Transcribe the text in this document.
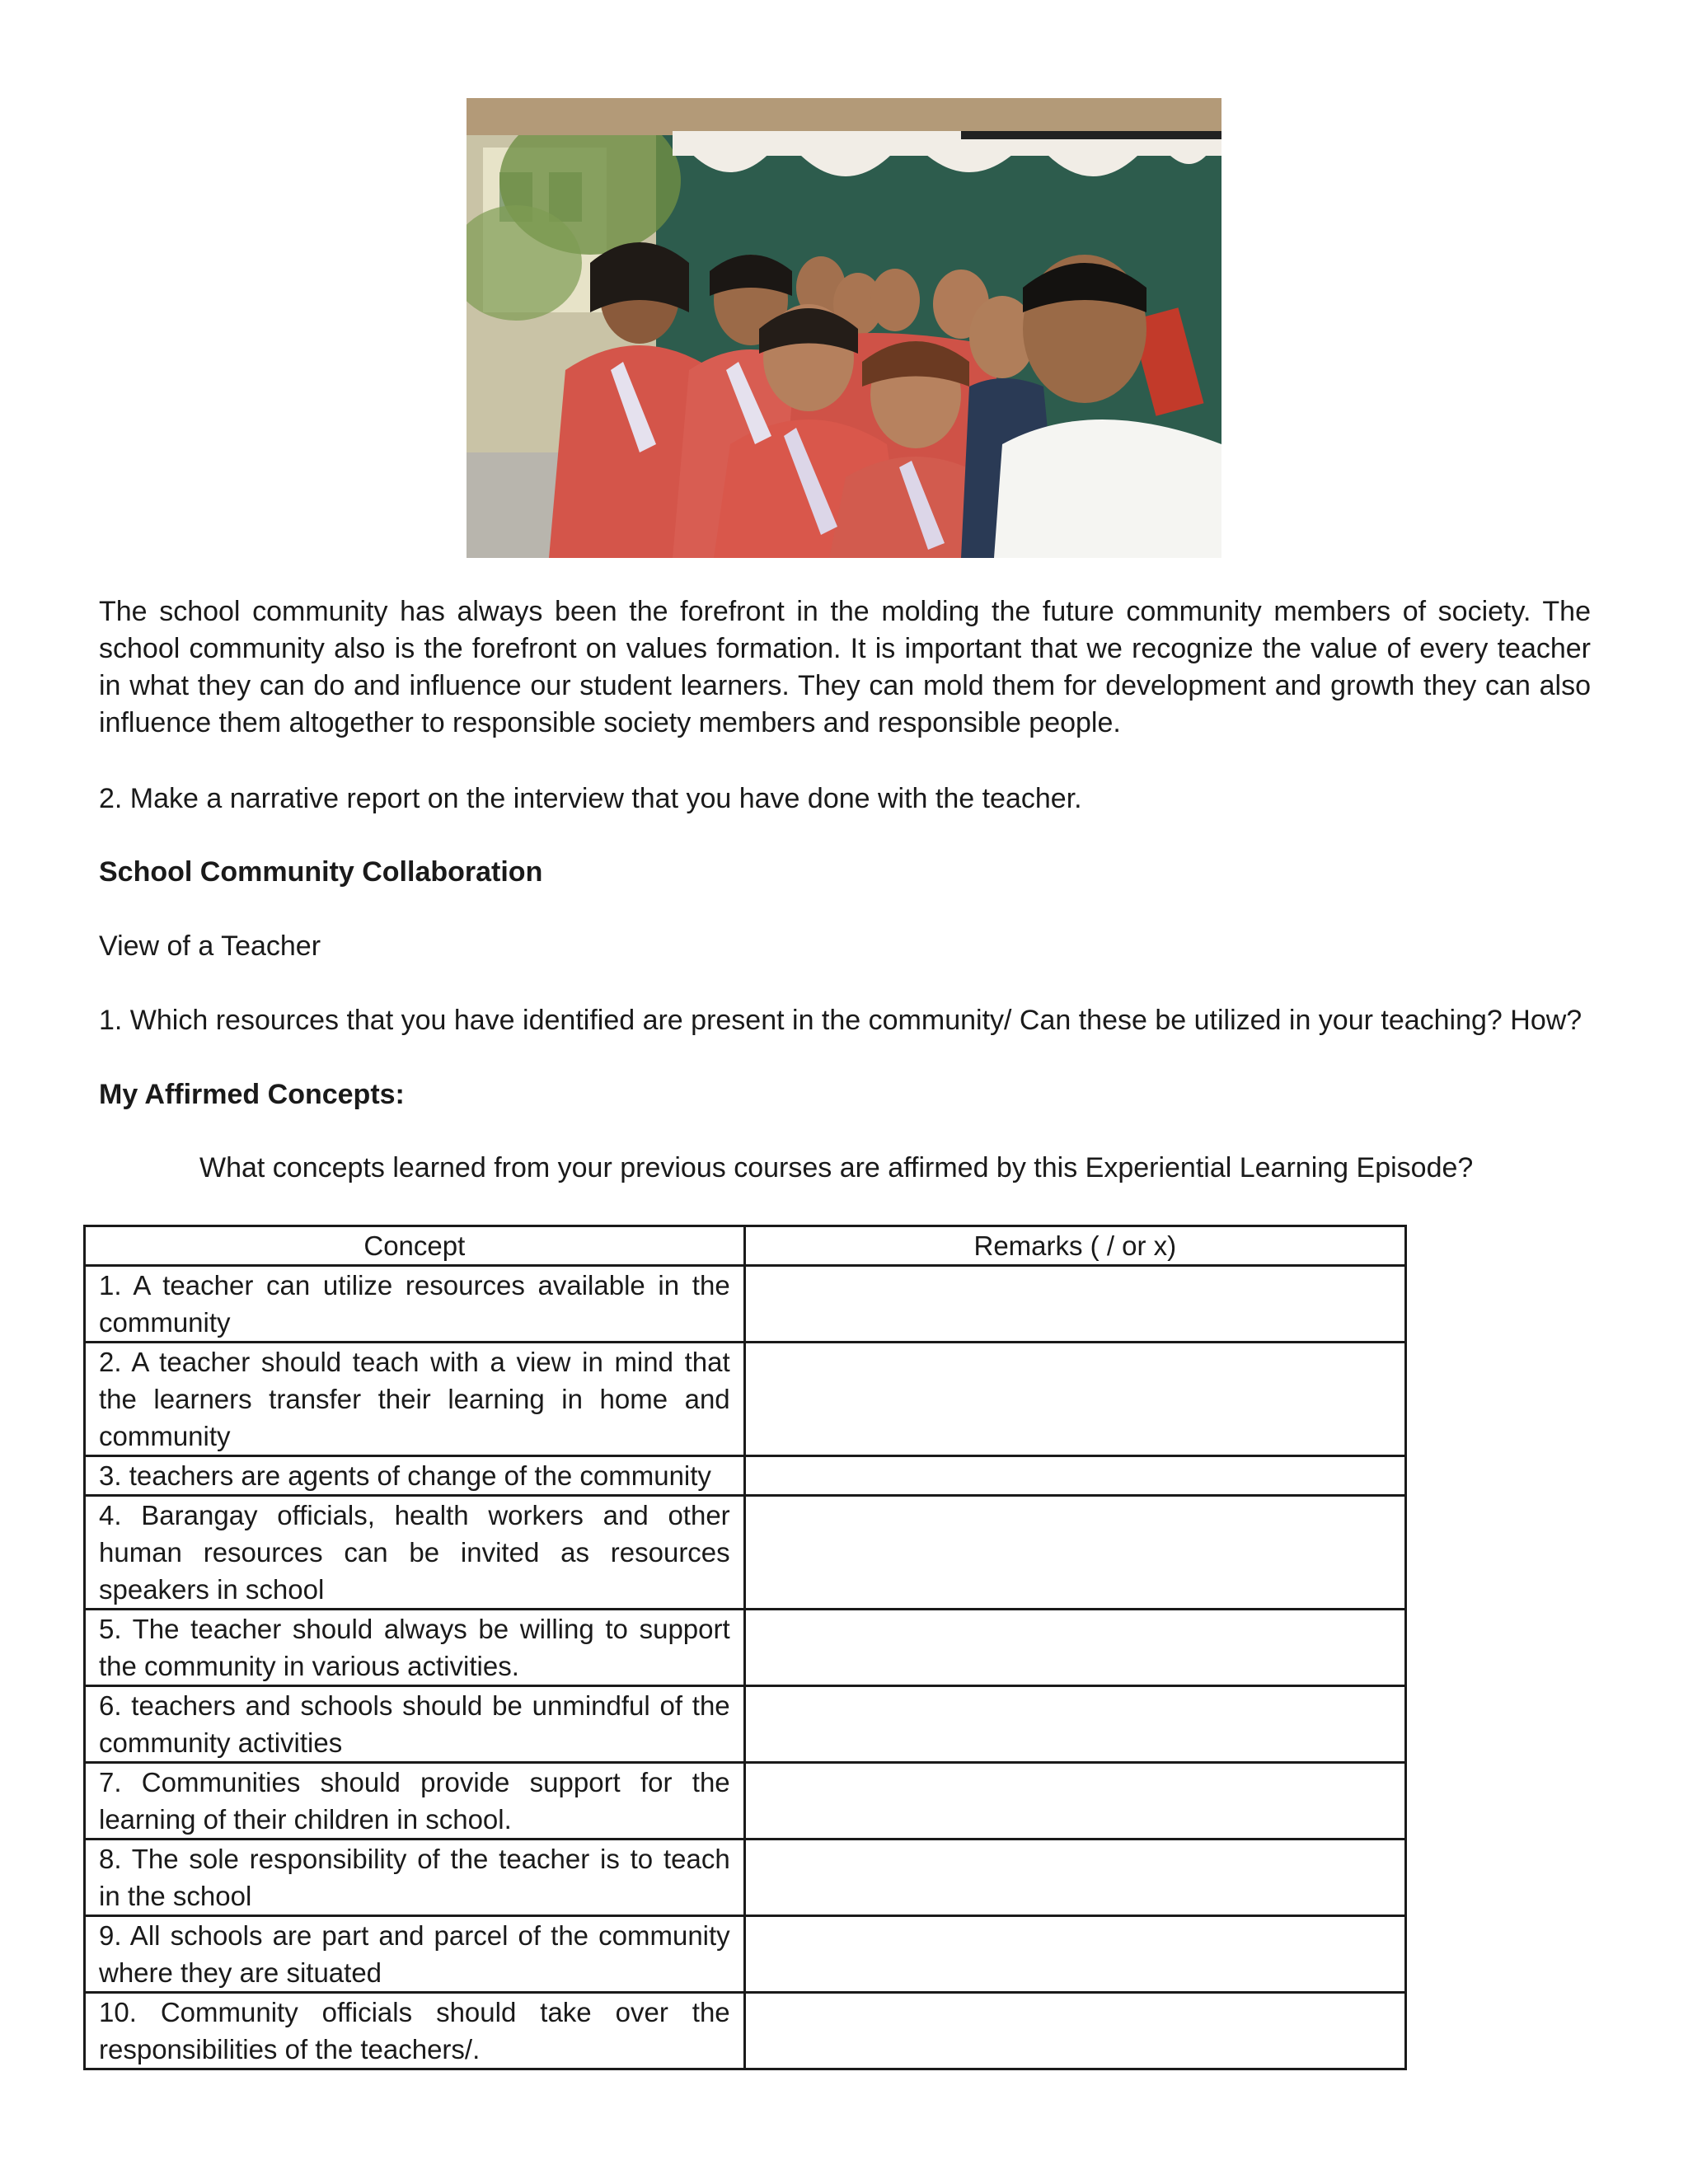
The school community has always been the forefront in the molding the future community members of society. The school community also is the forefront on values formation. It is important that we recognize the value of every teacher in what they can do and influence our student learners. They can mold them for development and growth they can also influence them altogether to responsible society members and responsible people.

2. Make a narrative report on the interview that you have done with the teacher.

School Community Collaboration

View of a Teacher

1. Which resources that you have identified are present in the community/ Can these be utilized in your teaching? How?

My Affirmed Concepts:

What concepts learned from your previous courses are affirmed by this Experiential Learning Episode?

Concept	Remarks ( / or x)
1. A teacher can utilize resources available in the community	
2. A teacher should teach with a view in mind that the learners transfer their learning in home and community	
3. teachers are agents of change of the community	
4. Barangay officials, health workers and other human resources can be invited as resources speakers in school	
5. The teacher should always be willing to support the community in various activities.	
6. teachers and schools should be unmindful of the community activities	
7. Communities should provide support for the learning of their children in school.	
8. The sole responsibility of the teacher is to teach in the school	
9. All schools are part and parcel of the community where they are situated	
10. Community officials should take over the responsibilities of the teachers/.	
